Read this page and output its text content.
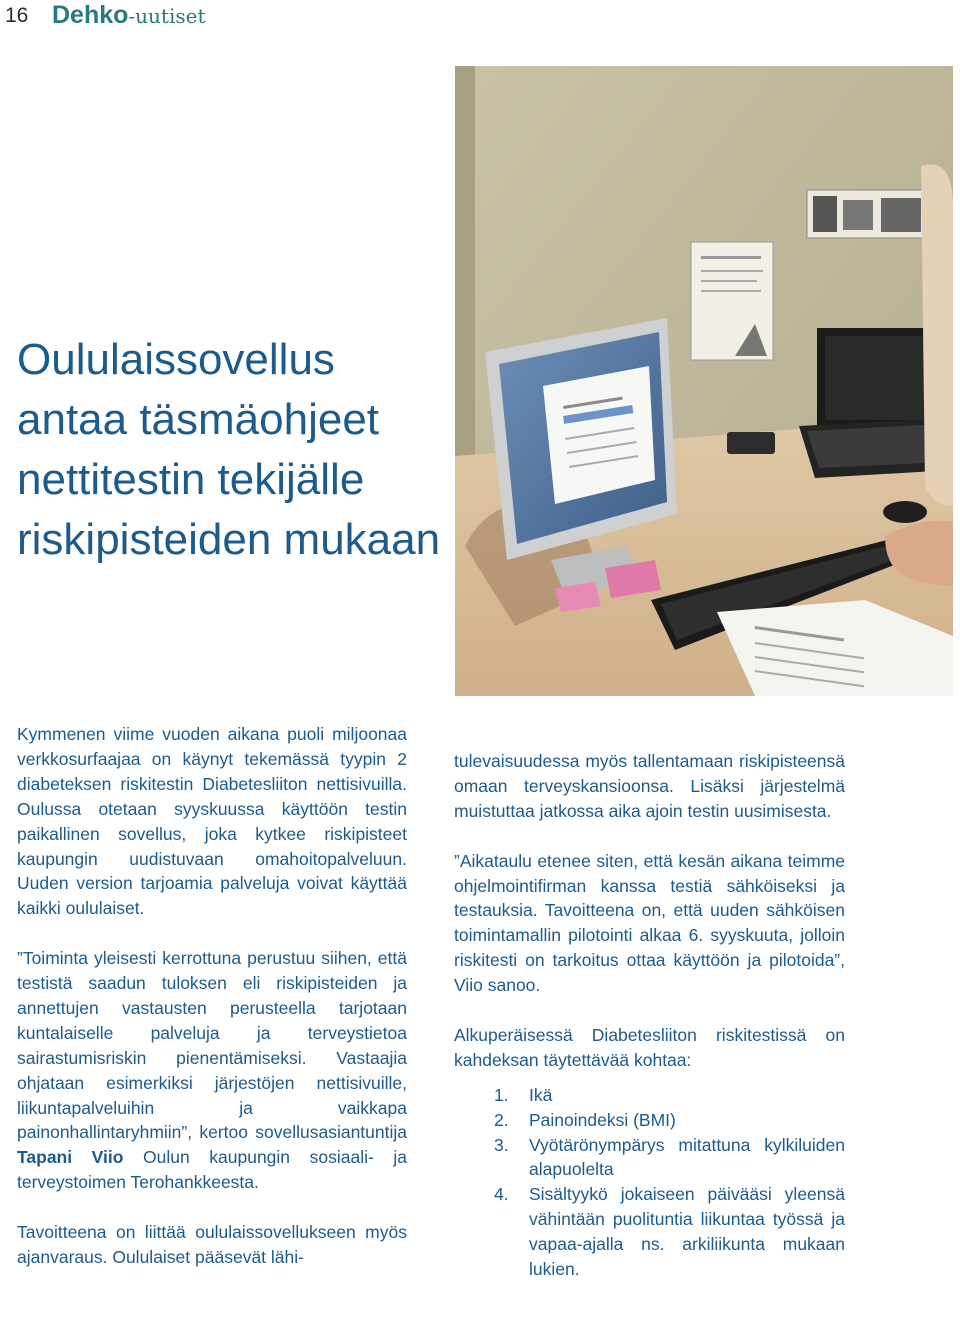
16 Dehko-uutiset
Oululaissovellus antaa täsmäohjeet nettitestin tekijälle riskipisteiden mukaan

Kymmenen viime vuoden aikana puoli miljoonaa verkkosurfaajaa on käynyt tekemässä tyypin 2 diabeteksen riskitestin Diabetesliiton nettisivuilla. Oulussa otetaan syyskuussa käyttöön testin paikallinen sovellus, joka kytkee riskipisteet kaupungin uudistuvaan omahoitopalveluun. Uuden version tarjoamia palveluja voivat käyttää kaikki oululaiset.

”Toiminta yleisesti kerrottuna perustuu siihen, että testistä saadun tuloksen eli riskipisteiden ja annettujen vastausten perusteella tarjotaan kuntalaiselle palveluja ja terveystietoa sairastumisriskin pienentämiseksi. Vastaajia ohjataan esimerkiksi järjestöjen nettisivuille, liikuntapalveluihin ja vaikkapa painonhallintaryhmiin”, kertoo sovellusasiantuntija Tapani Viio Oulun kaupungin sosiaali- ja terveystoimen Terohankkeesta.

Tavoitteena on liittää oululaissovellukseen myös ajanvaraus. Oululaiset pääsevät lähi-

tulevaisuudessa myös tallentamaan riskipisteensä omaan terveyskansioonsa. Lisäksi järjestelmä muistuttaa jatkossa aika ajoin testin uusimisesta.

”Aikataulu etenee siten, että kesän aikana teimme ohjelmointifirman kanssa testiä sähköiseksi ja testauksia. Tavoitteena on, että uuden sähköisen toimintamallin pilotointi alkaa 6. syyskuuta, jolloin riskitesti on tarkoitus ottaa käyttöön ja pilotoida”, Viio sanoo.

Alkuperäisessä Diabetesliiton riskitestissä on kahdeksan täytettävää kohtaa:

1. Ikä
2. Painoindeksi (BMI)
3. Vyötärönympärys mitattuna kylkiluiden alapuolelta
4. Sisältyykö jokaiseen päivääsi yleensä vähintään puolituntia liikuntaa työssä ja vapaa-ajalla ns. arkiliikunta mukaan lukien.
